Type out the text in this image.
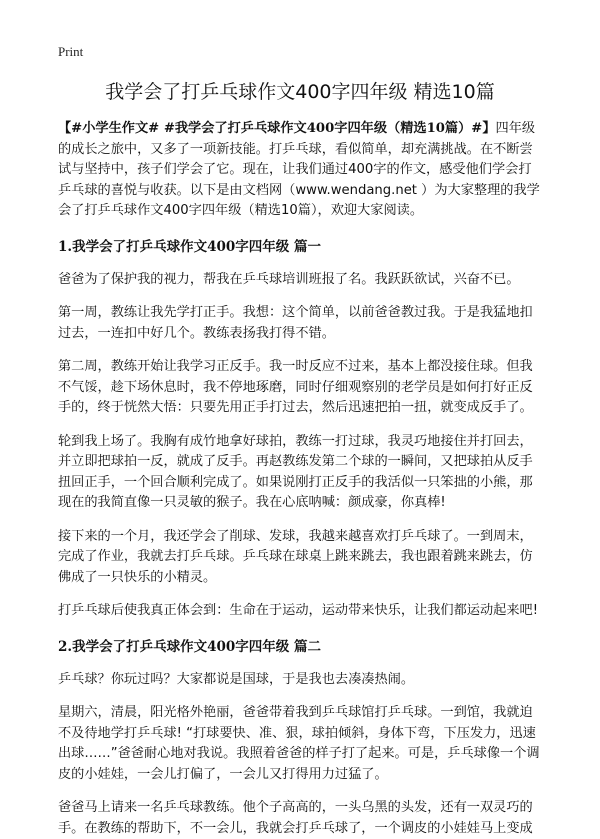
Print
我学会了打乒乓球作文400字四年级 精选10篇

【#小学生作文# #我学会了打乒乓球作文400字四年级（精选10篇）#】四年级的成长之旅中，又多了一项新技能。打乒乓球，看似简单，却充满挑战。在不断尝试与坚持中，孩子们学会了它。现在，让我们通过400字的作文，感受他们学会打乒乓球的喜悦与收获。以下是由文档网（www.wendang.net ）为大家整理的我学会了打乒乓球作文400字四年级（精选10篇），欢迎大家阅读。

1.我学会了打乒乓球作文400字四年级 篇一

爸爸为了保护我的视力，帮我在乒乓球培训班报了名。我跃跃欲试，兴奋不已。

第一周，教练让我先学打正手。我想：这个简单，以前爸爸教过我。于是我猛地扣过去，一连扣中好几个。教练表扬我打得不错。

第二周，教练开始让我学习正反手。我一时反应不过来，基本上都没接住球。但我不气馁，趁下场休息时，我不停地琢磨，同时仔细观察别的老学员是如何打好正反手的，终于恍然大悟：只要先用正手打过去，然后迅速把拍一扭，就变成反手了。

轮到我上场了。我胸有成竹地拿好球拍，教练一打过球，我灵巧地接住并打回去，并立即把球拍一反，就成了反手。再赵教练发第二个球的一瞬间，又把球拍从反手扭回正手，一个回合顺利完成了。如果说刚打正反手的我活似一只笨拙的小熊，那现在的我简直像一只灵敏的猴子。我在心底呐喊：颜成豪，你真棒!

接下来的一个月，我还学会了削球、发球，我越来越喜欢打乒乓球了。一到周末，完成了作业，我就去打乒乓球。乒乓球在球桌上跳来跳去，我也跟着跳来跳去，仿佛成了一只快乐的小精灵。

打乒乓球后使我真正体会到：生命在于运动，运动带来快乐，让我们都运动起来吧!

2.我学会了打乒乓球作文400字四年级 篇二

乒乓球？你玩过吗？大家都说是国球，于是我也去凑凑热闹。

星期六，清晨，阳光格外艳丽，爸爸带着我到乒乓球馆打乒乓球。一到馆，我就迫不及待地学打乒乓球! “打球要快、准、狠，球拍倾斜，身体下弯，下压发力，迅速出球……”爸爸耐心地对我说。我照着爸爸的样子打了起来。可是，乒乓球像一个调皮的小娃娃，一会儿打偏了，一会儿又打得用力过猛了。

爸爸马上请来一名乒乓球教练。他个子高高的，一头乌黑的头发，还有一双灵巧的手。在教练的帮助下，不一会儿，我就会打乒乓球了，一个调皮的小娃娃马上变成
